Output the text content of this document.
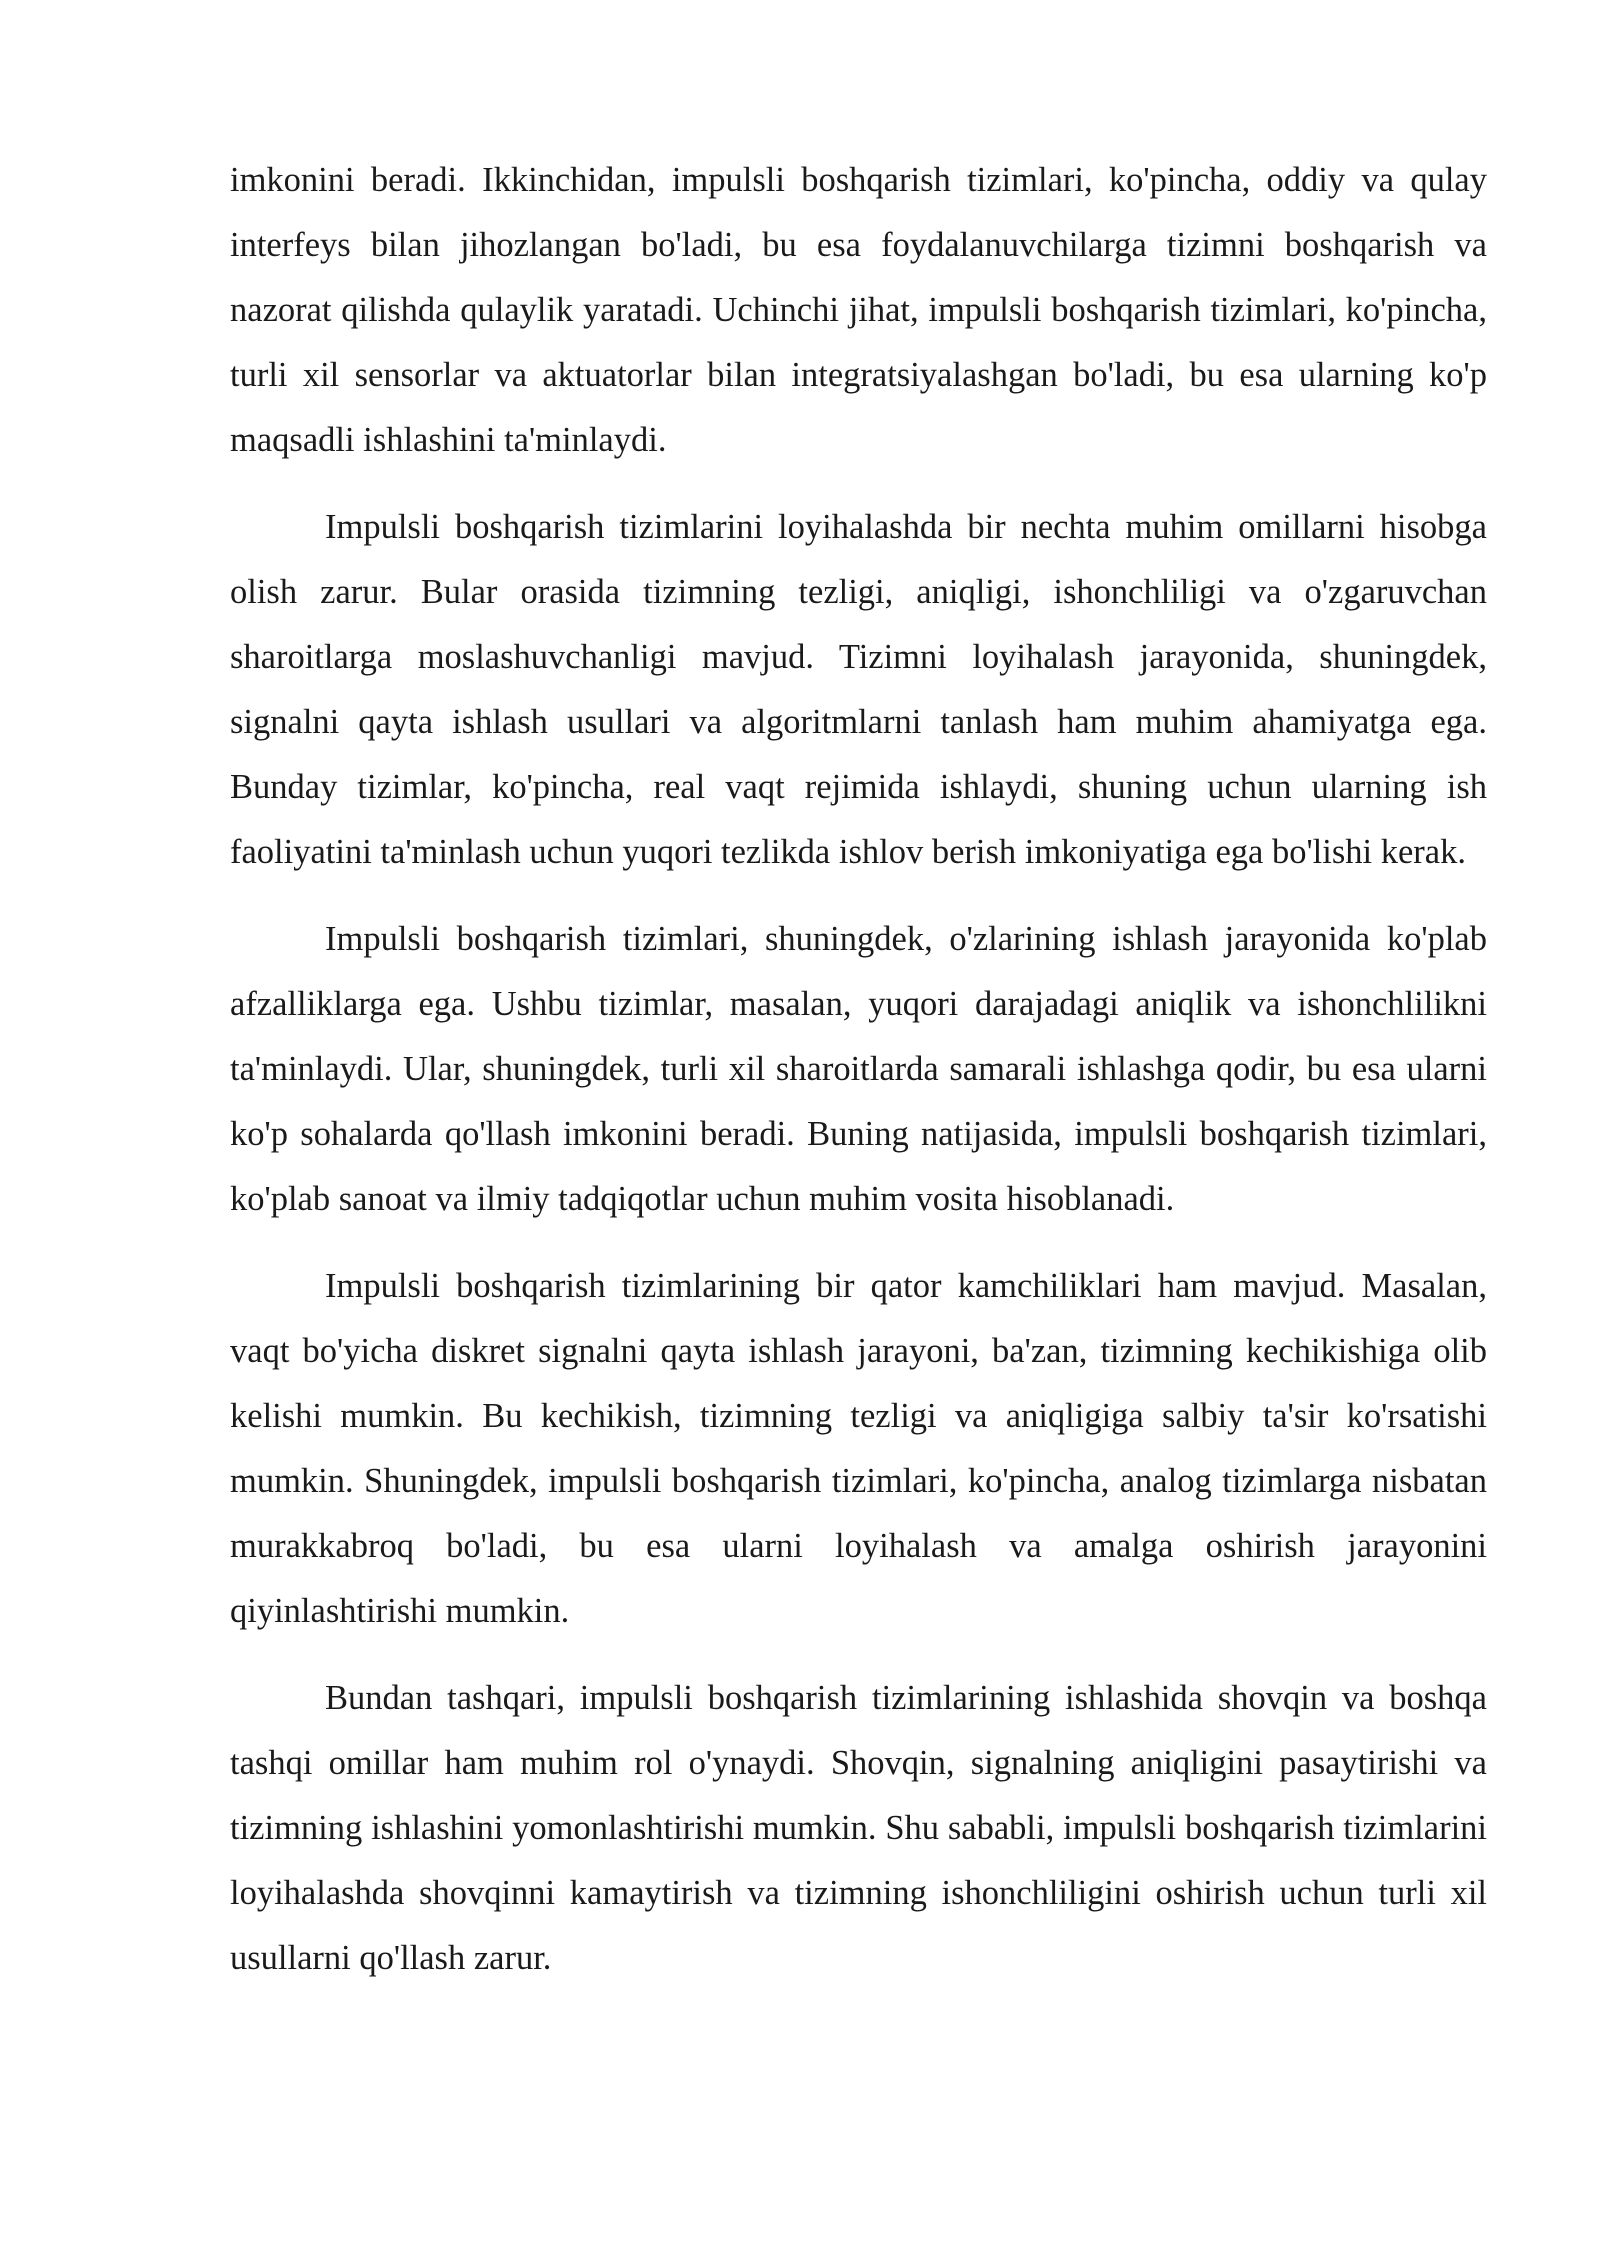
imkonini beradi. Ikkinchidan, impulsli boshqarish tizimlari, ko'pincha, oddiy va qulay interfeys bilan jihozlangan bo'ladi, bu esa foydalanuvchilarga tizimni boshqarish va nazorat qilishda qulaylik yaratadi. Uchinchi jihat, impulsli boshqarish tizimlari, ko'pincha, turli xil sensorlar va aktuatorlar bilan integratsiyalashgan bo'ladi, bu esa ularning ko'p maqsadli ishlashini ta'minlaydi.

Impulsli boshqarish tizimlarini loyihalashda bir nechta muhim omillarni hisobga olish zarur. Bular orasida tizimning tezligi, aniqligi, ishonchliligi va o'zgaruvchan sharoitlarga moslashuvchanligi mavjud. Tizimni loyihalash jarayonida, shuningdek, signalni qayta ishlash usullari va algoritmlarni tanlash ham muhim ahamiyatga ega. Bunday tizimlar, ko'pincha, real vaqt rejimida ishlaydi, shuning uchun ularning ish faoliyatini ta'minlash uchun yuqori tezlikda ishlov berish imkoniyatiga ega bo'lishi kerak.

Impulsli boshqarish tizimlari, shuningdek, o'zlarining ishlash jarayonida ko'plab afzalliklarga ega. Ushbu tizimlar, masalan, yuqori darajadagi aniqlik va ishonchlilikni ta'minlaydi. Ular, shuningdek, turli xil sharoitlarda samarali ishlashga qodir, bu esa ularni ko'p sohalarda qo'llash imkonini beradi. Buning natijasida, impulsli boshqarish tizimlari, ko'plab sanoat va ilmiy tadqiqotlar uchun muhim vosita hisoblanadi.

Impulsli boshqarish tizimlarining bir qator kamchiliklari ham mavjud. Masalan, vaqt bo'yicha diskret signalni qayta ishlash jarayoni, ba'zan, tizimning kechikishiga olib kelishi mumkin. Bu kechikish, tizimning tezligi va aniqligiga salbiy ta'sir ko'rsatishi mumkin. Shuningdek, impulsli boshqarish tizimlari, ko'pincha, analog tizimlarga nisbatan murakkabroq bo'ladi, bu esa ularni loyihalash va amalga oshirish jarayonini qiyinlashtirishi mumkin.

Bundan tashqari, impulsli boshqarish tizimlarining ishlashida shovqin va boshqa tashqi omillar ham muhim rol o'ynaydi. Shovqin, signalning aniqligini pasaytirishi va tizimning ishlashini yomonlashtirishi mumkin. Shu sababli, impulsli boshqarish tizimlarini loyihalashda shovqinni kamaytirish va tizimning ishonchliligini oshirish uchun turli xil usullarni qo'llash zarur.
